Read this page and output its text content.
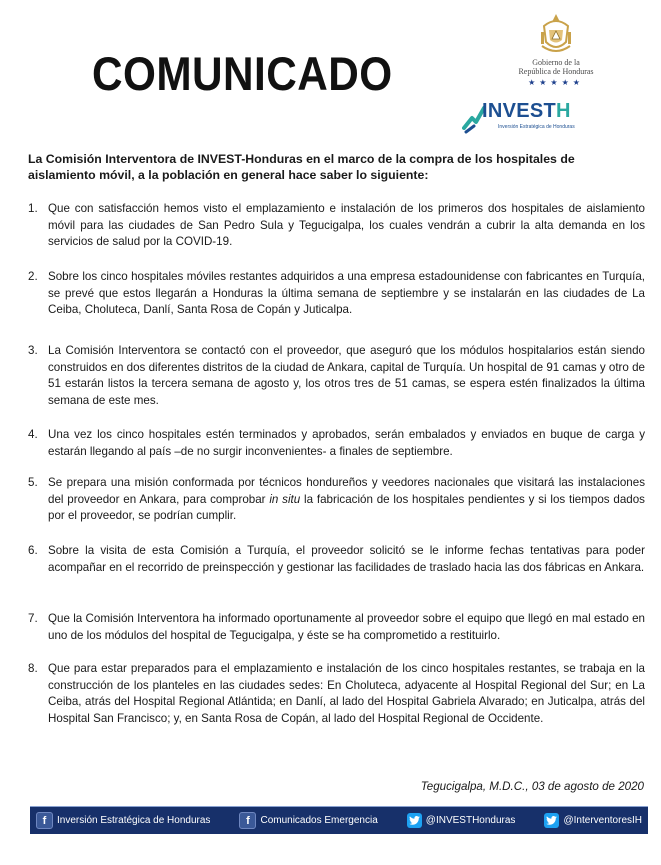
COMUNICADO	Gobierno de la
República de Honduras
★★★★★
INVESTH
Inversión Estratégica de Honduras
La Comisión Interventora de INVEST-Honduras en el marco de la compra de los hospitales de aislamiento móvil, a la población en general hace saber lo siguiente:
1. Que con satisfacción hemos visto el emplazamiento e instalación de los primeros dos hospitales de aislamiento móvil para las ciudades de San Pedro Sula y Tegucigalpa, los cuales vendrán a cubrir la alta demanda en los servicios de salud por la COVID-19.
2. Sobre los cinco hospitales móviles restantes adquiridos a una empresa estadounidense con fabricantes en Turquía, se prevé que estos llegarán a Honduras la última semana de septiembre y se instalarán en las ciudades de La Ceiba, Choluteca, Danlí, Santa Rosa de Copán y Juticalpa.
3. La Comisión Interventora se contactó con el proveedor, que aseguró que los módulos hospitalarios están siendo construidos en dos diferentes distritos de la ciudad de Ankara, capital de Turquía. Un hospital de 91 camas y otro de 51 estarán listos la tercera semana de agosto y, los otros tres de 51 camas, se espera estén finalizados la última semana de este mes.
4. Una vez los cinco hospitales estén terminados y aprobados, serán embalados y enviados en buque de carga y estarán llegando al país –de no surgir inconvenientes- a finales de septiembre.
5. Se prepara una misión conformada por técnicos hondureños y veedores nacionales que visitará las instalaciones del proveedor en Ankara, para comprobar in situ la fabricación de los hospitales pendientes y si los tiempos dados por el proveedor, se podrían cumplir.
6. Sobre la visita de esta Comisión a Turquía, el proveedor solicitó se le informe fechas tentativas para poder acompañar en el recorrido de preinspección y gestionar las facilidades de traslado hacia las dos fábricas en Ankara.
7. Que la Comisión Interventora ha informado oportunamente al proveedor sobre el equipo que llegó en mal estado en uno de los módulos del hospital de Tegucigalpa, y éste se ha comprometido a restituirlo.
8. Que para estar preparados para el emplazamiento e instalación de los cinco hospitales restantes, se trabaja en la construcción de los planteles en las ciudades sedes: En Choluteca, adyacente al Hospital Regional del Sur; en La Ceiba, atrás del Hospital Regional Atlántida; en Danlí, al lado del Hospital Gabriela Alvarado; en Juticalpa, atrás del Hospital San Francisco; y, en Santa Rosa de Copán, al lado del Hospital Regional de Occidente.
Tegucigalpa, M.D.C., 03 de agosto de 2020
f	Inversión Estratégica de Honduras	f	Comunicados Emergencia	@INVESTHonduras	@InterventoresIH
